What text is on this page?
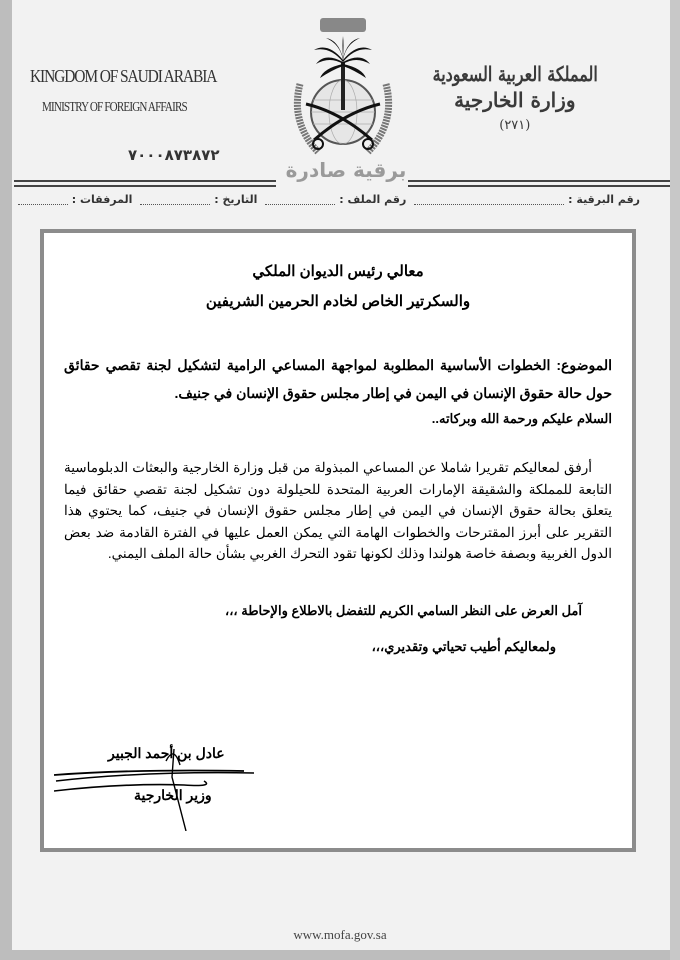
KINGDOM OF SAUDI ARABIA
MINISTRY OF FOREIGN AFFAIRS
برقية صادرة
المملكة العربية السعودية
وزارة الخارجية
(٢٧١)
٧٠٠٠٨٧٣٨٧٢
رقم البرقية :
رقم الملف :
التاريخ :
المرفقات :
معالي رئيس الديوان الملكي
والسكرتير الخاص لخادم الحرمين الشريفين
الموضوع: الخطوات الأساسية المطلوبة لمواجهة المساعي الرامية لتشكيل لجنة تقصي حقائق حول حالة حقوق الإنسان في اليمن في إطار مجلس حقوق الإنسان في جنيف.
السلام عليكم ورحمة الله وبركاته..
أرفق لمعاليكم تقريرا شاملا عن المساعي المبذولة من قبل وزارة الخارجية والبعثات الدبلوماسية التابعة للمملكة والشقيقة الإمارات العربية المتحدة للحيلولة دون تشكيل لجنة تقصي حقائق فيما يتعلق بحالة حقوق الإنسان في اليمن في إطار مجلس حقوق الإنسان في جنيف، كما يحتوي هذا التقرير على أبرز المقترحات والخطوات الهامة التي يمكن العمل عليها في الفترة القادمة ضد بعض الدول الغربية وبصفة خاصة هولندا وذلك لكونها تقود التحرك الغربي بشأن حالة الملف اليمني.
آمل العرض على النظر السامي الكريم للتفضل بالاطلاع والإحاطة ،،،
ولمعاليكم أطيب تحياتي وتقديري،،،
عادل بن أحمد الجبير
وزير الخارجية
www.mofa.gov.sa
